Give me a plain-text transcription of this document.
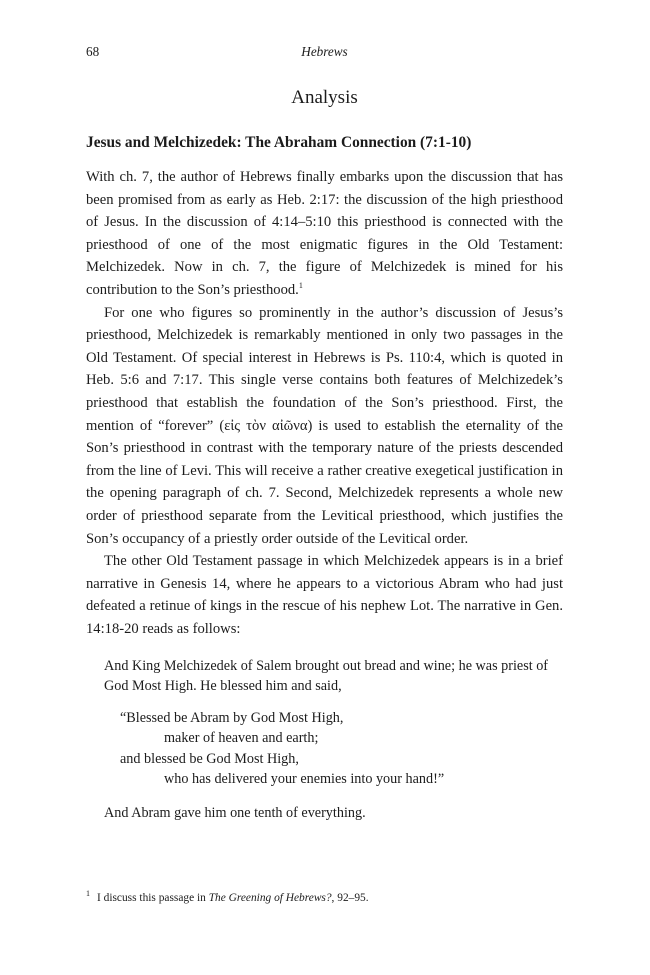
68	Hebrews
Analysis
Jesus and Melchizedek: The Abraham Connection (7:1-10)

With ch. 7, the author of Hebrews finally embarks upon the discussion that has been promised from as early as Heb. 2:17: the discussion of the high priesthood of Jesus. In the discussion of 4:14–5:10 this priesthood is connected with the priesthood of one of the most enigmatic figures in the Old Testament: Melchizedek. Now in ch. 7, the figure of Melchizedek is mined for his contribution to the Son’s priesthood.$^1$

For one who figures so prominently in the author’s discussion of Jesus’s priesthood, Melchizedek is remarkably mentioned in only two passages in the Old Testament. Of special interest in Hebrews is Ps. 110:4, which is quoted in Heb. 5:6 and 7:17. This single verse contains both features of Melchizedek’s priesthood that establish the foundation of the Son’s priesthood. First, the mention of “forever” (εἰς τὸν αἰῶνα) is used to establish the eternality of the Son’s priesthood in contrast with the temporary nature of the priests descended from the line of Levi. This will receive a rather creative exegetical justification in the opening paragraph of ch. 7. Second, Melchizedek represents a whole new order of priesthood separate from the Levitical priesthood, which justifies the Son’s occupancy of a priestly order outside of the Levitical order.

The other Old Testament passage in which Melchizedek appears is in a brief narrative in Genesis 14, where he appears to a victorious Abram who had just defeated a retinue of kings in the rescue of his nephew Lot. The narrative in Gen. 14:18-20 reads as follows:

And King Melchizedek of Salem brought out bread and wine; he was priest of God Most High. He blessed him and said,
“Blessed be Abram by God Most High,
maker of heaven and earth;
and blessed be God Most High,
who has delivered your enemies into your hand!”
And Abram gave him one tenth of everything.
$^1$ I discuss this passage in The Greening of Hebrews?, 92–95.
